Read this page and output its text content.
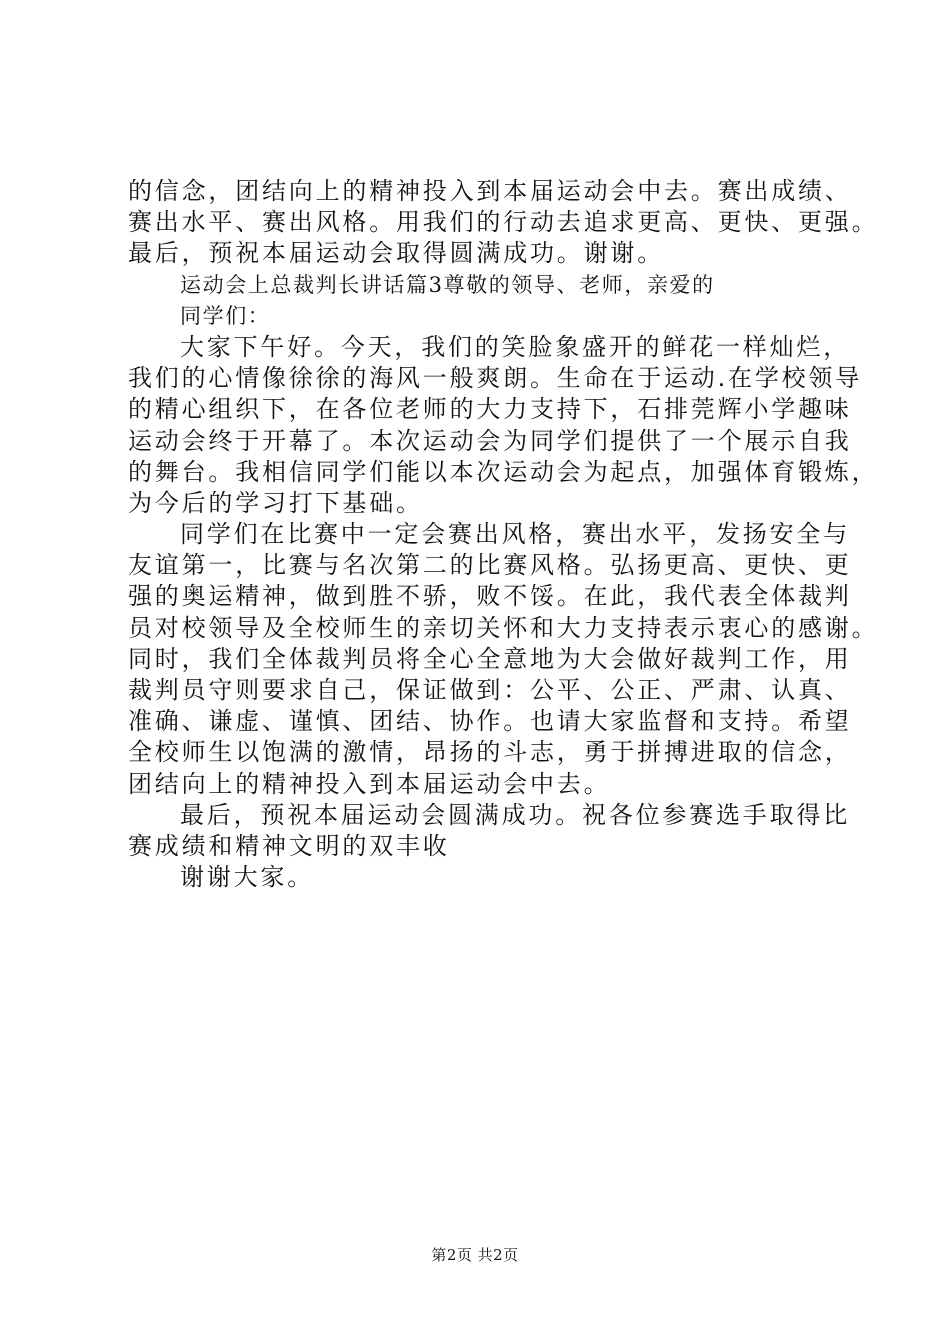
的信念，团结向上的精神投入到本届运动会中去。赛出成绩、
赛出水平、赛出风格。用我们的行动去追求更高、更快、更强。
最后，预祝本届运动会取得圆满成功。谢谢。
运动会上总裁判长讲话篇3尊敬的领导、老师，亲爱的
同学们：
大家下午好。今天，我们的笑脸象盛开的鲜花一样灿烂，
我们的心情像徐徐的海风一般爽朗。生命在于运动.在学校领导
的精心组织下，在各位老师的大力支持下，石排莞辉小学趣味
运动会终于开幕了。本次运动会为同学们提供了一个展示自我
的舞台。我相信同学们能以本次运动会为起点，加强体育锻炼，
为今后的学习打下基础。
同学们在比赛中一定会赛出风格，赛出水平，发扬安全与
友谊第一，比赛与名次第二的比赛风格。弘扬更高、更快、更
强的奥运精神，做到胜不骄，败不馁。在此，我代表全体裁判
员对校领导及全校师生的亲切关怀和大力支持表示衷心的感谢。
同时，我们全体裁判员将全心全意地为大会做好裁判工作，用
裁判员守则要求自己，保证做到：公平、公正、严肃、认真、
准确、谦虚、谨慎、团结、协作。也请大家监督和支持。希望
全校师生以饱满的激情，昂扬的斗志，勇于拼搏进取的信念，
团结向上的精神投入到本届运动会中去。
最后，预祝本届运动会圆满成功。祝各位参赛选手取得比
赛成绩和精神文明的双丰收
谢谢大家。
第2页 共2页
